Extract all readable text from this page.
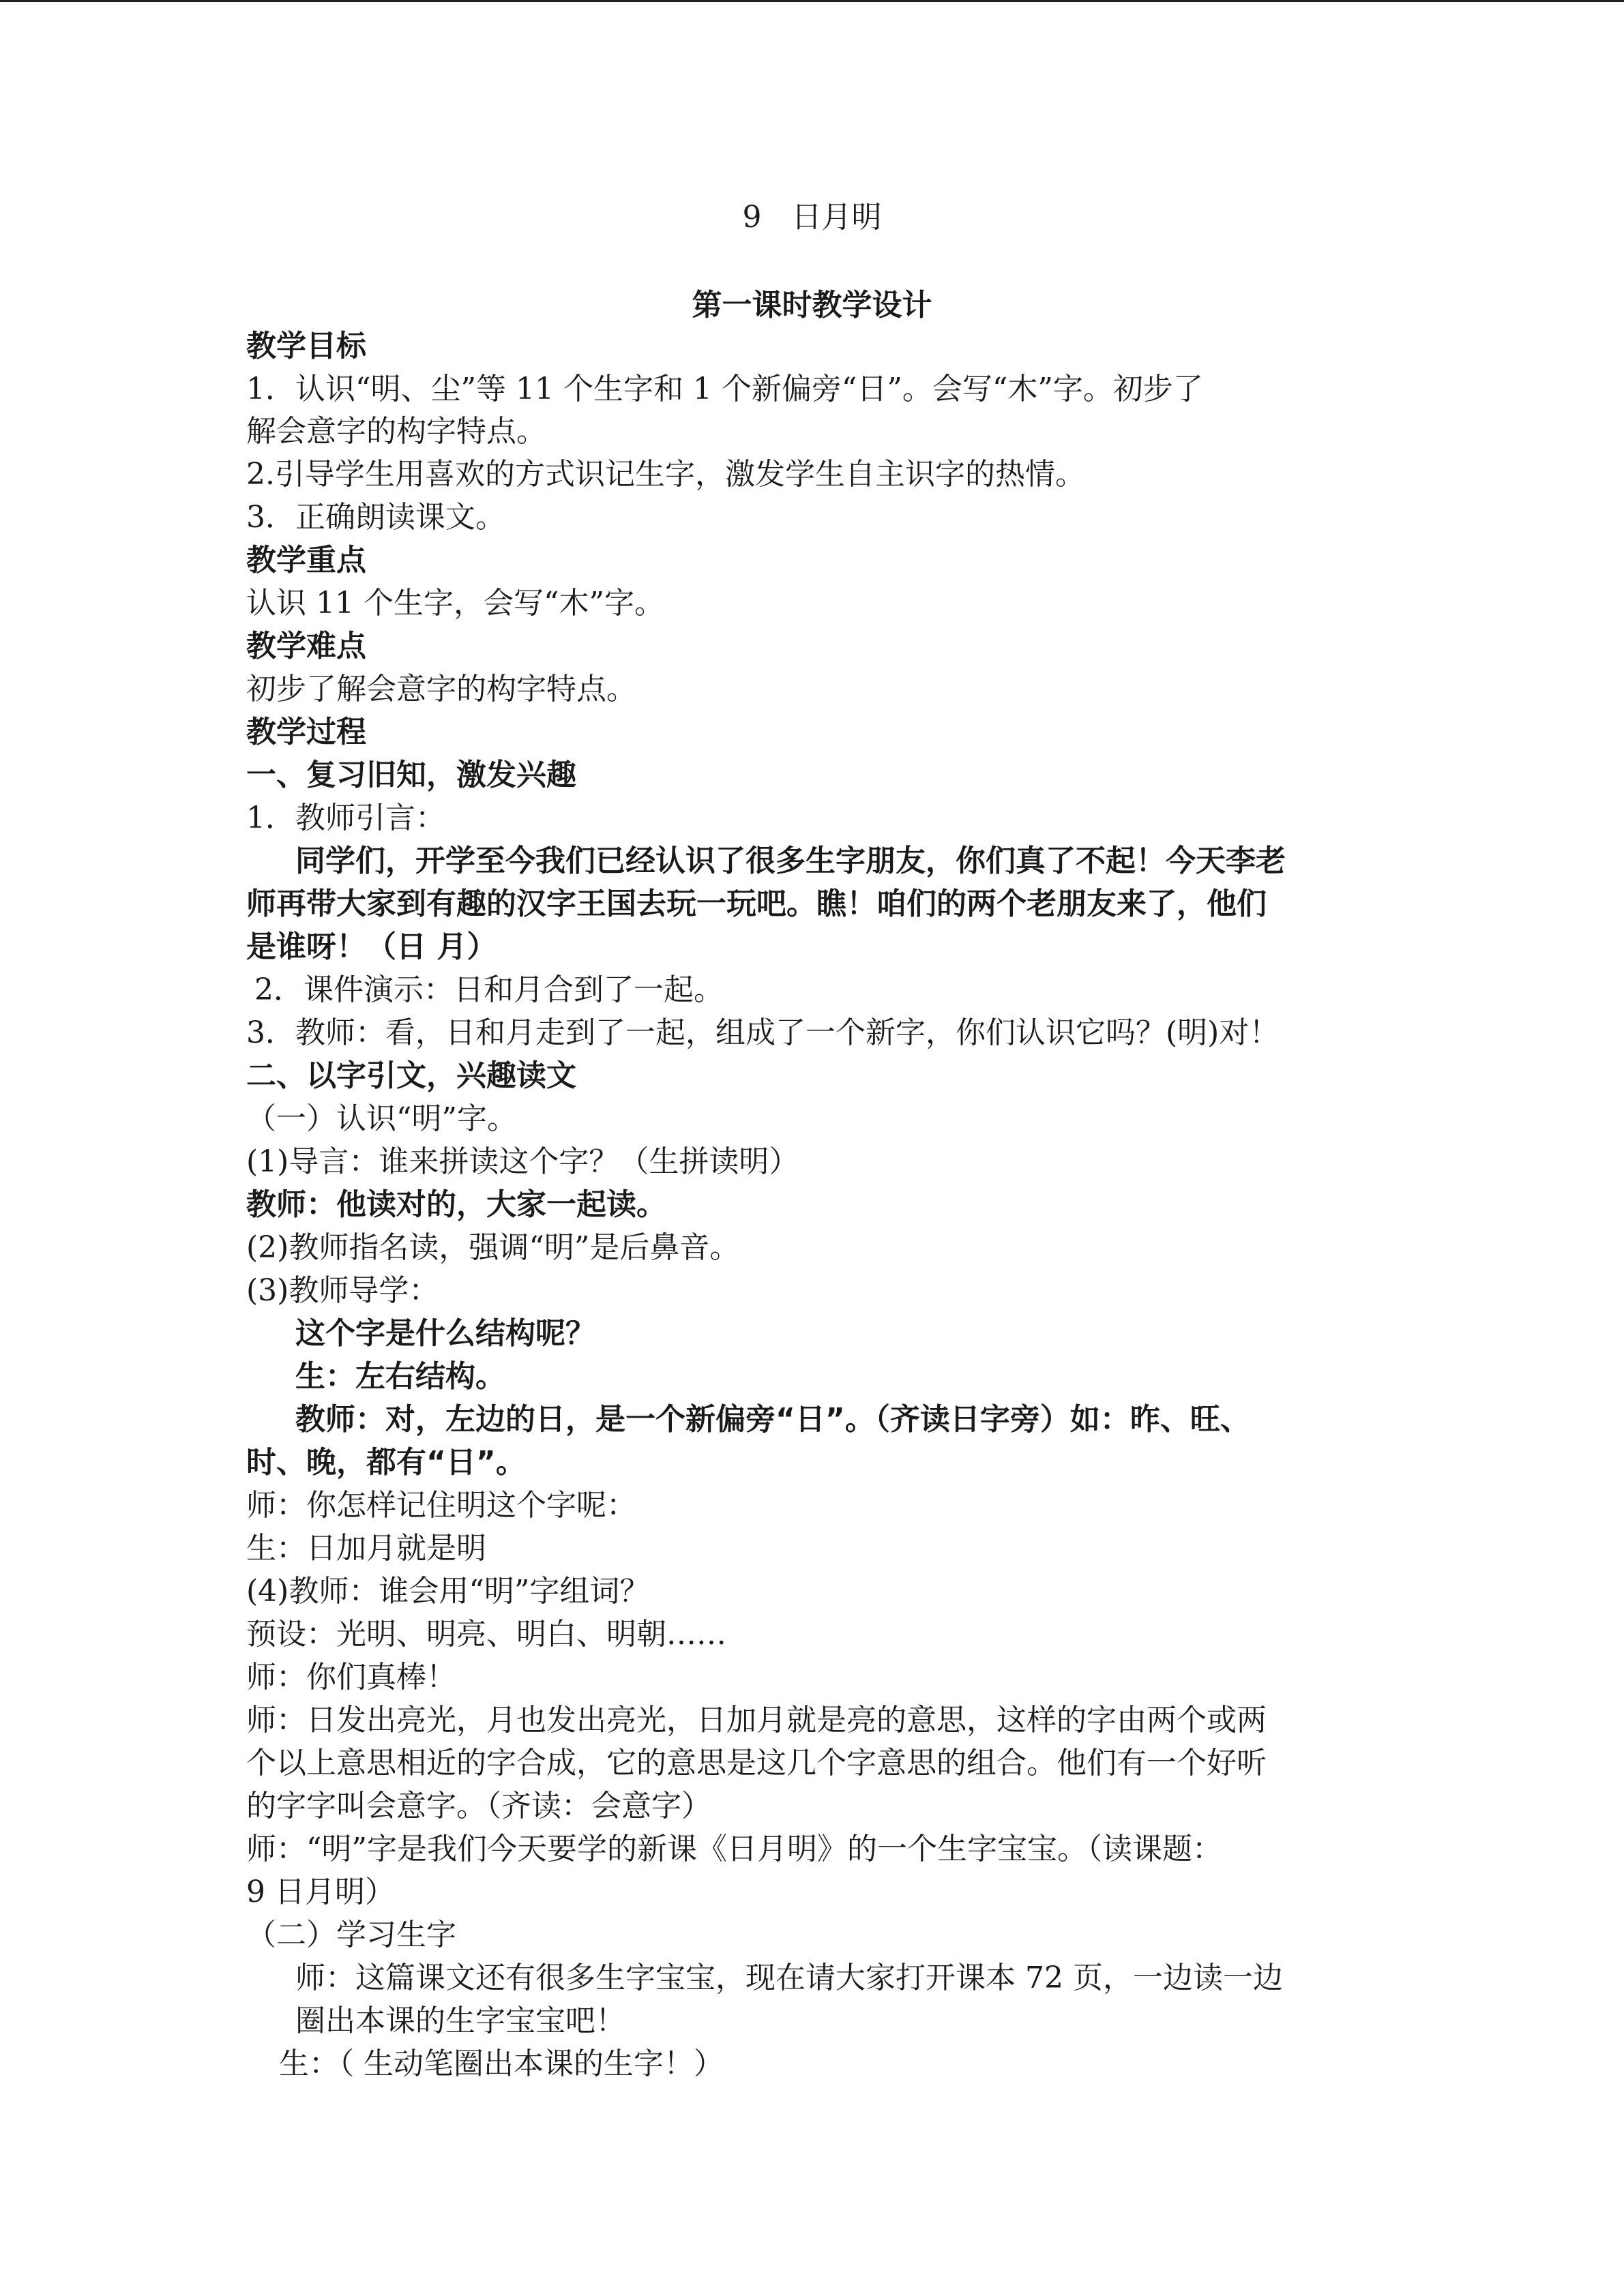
9　日月明
第一课时教学设计
教学目标
1．认识“明、尘”等 11 个生字和 1 个新偏旁“日”。会写“木”字。初步了
解会意字的构字特点。
2.引导学生用喜欢的方式识记生字，激发学生自主识字的热情。
3．正确朗读课文。
教学重点
认识 11 个生字，会写“木”字。
教学难点
初步了解会意字的构字特点。
教学过程
一、复习旧知，激发兴趣
1．教师引言：
同学们，开学至今我们已经认识了很多生字朋友，你们真了不起！今天李老
师再带大家到有趣的汉字王国去玩一玩吧。瞧！咱们的两个老朋友来了，他们
是谁呀！（日 月）
2．课件演示：日和月合到了一起。
3．教师：看，日和月走到了一起，组成了一个新字，你们认识它吗？(明)对！
二、以字引文，兴趣读文
（一）认识“明”字。
(1)导言：谁来拼读这个字？（生拼读明）
教师：他读对的，大家一起读。
(2)教师指名读，强调“明”是后鼻音。
(3)教师导学：
这个字是什么结构呢？
生：左右结构。
教师：对，左边的日，是一个新偏旁“日”。（齐读日字旁）如：昨、旺、
时、晚，都有“日”。
师：你怎样记住明这个字呢：
生：日加月就是明
(4)教师：谁会用“明”字组词？
预设：光明、明亮、明白、明朝……
师：你们真棒！
师：日发出亮光，月也发出亮光，日加月就是亮的意思，这样的字由两个或两
个以上意思相近的字合成，它的意思是这几个字意思的组合。他们有一个好听
的字字叫会意字。（齐读：会意字）
师：“明”字是我们今天要学的新课《日月明》的一个生字宝宝。（读课题：
9 日月明）
（二）学习生字
师：这篇课文还有很多生字宝宝，现在请大家打开课本 72 页，一边读一边
圈出本课的生字宝宝吧！
生：（ 生动笔圈出本课的生字！）
